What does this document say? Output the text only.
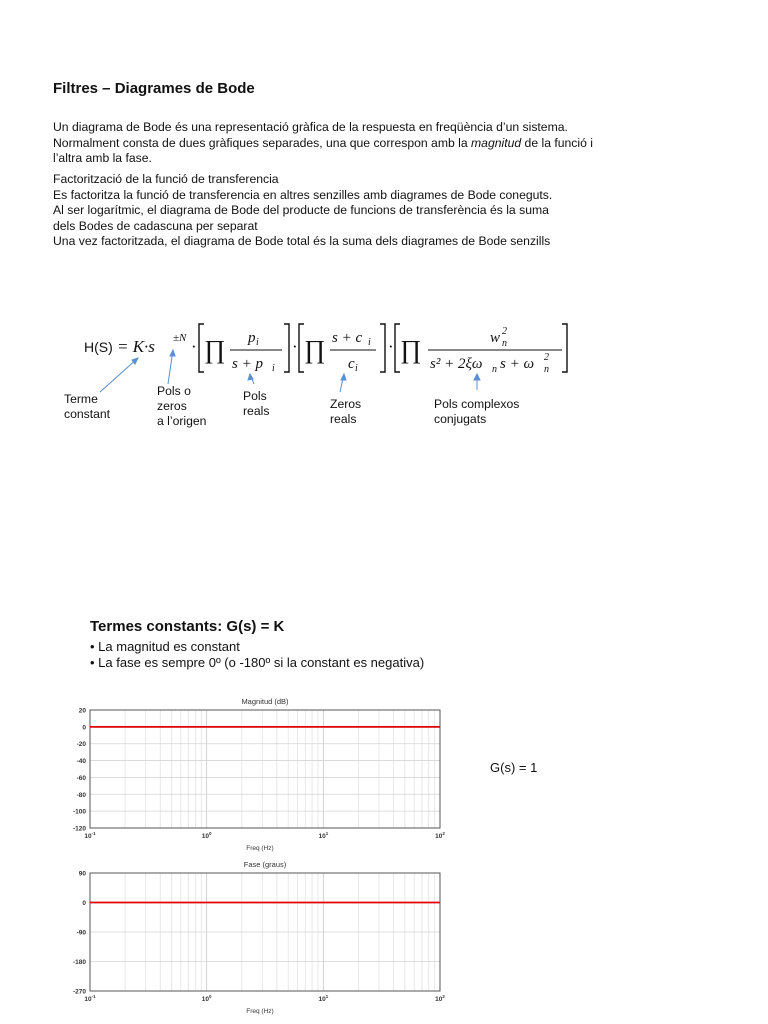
Filtres – Diagrames de Bode
Un diagrama de Bode és una representació gràfica de la respuesta en freqüència d’un sistema.
Normalment consta de dues gràfiques separades, una que correspon amb la magnitud de la funció i
l’altra amb la fase.
Factorització de la funció de transferencia
Es factoritza la funció de transferencia en altres senzilles amb diagrames de Bode coneguts.
Al ser logarítmic, el diagrama de Bode del producte de funcions de transferència és la suma
dels Bodes de cadascuna per separat
Una vez factoritzada, el diagrama de Bode total és la suma dels diagrames de Bode senzills
H(S) = K·s ±N · ∏ p i
s + p i
· ∏ s + c i
c i
· ∏	w 2
n
s² + 2ξω n s + ω 2
n
Terme
constant
Pols o
zeros
a l’origen
Pols
reals	Zeros
reals
Pols complexos
conjugats
Termes constants: G(s) = K
• La magnitud es constant
• La fase es sempre 0º (o -180º si la constant es negativa)
G(s) = 1
Magnitud (dB)
20
0
-20
-40
-60
-80
-100
-120
$10^{-1}$	$10^0$	$10^1$	$10^2$
Freq (Hz)
Fase (graus)
90
0
-90
-180
-270
$10^{-1}$	$10^0$	$10^1$	$10^2$
Freq (Hz)
